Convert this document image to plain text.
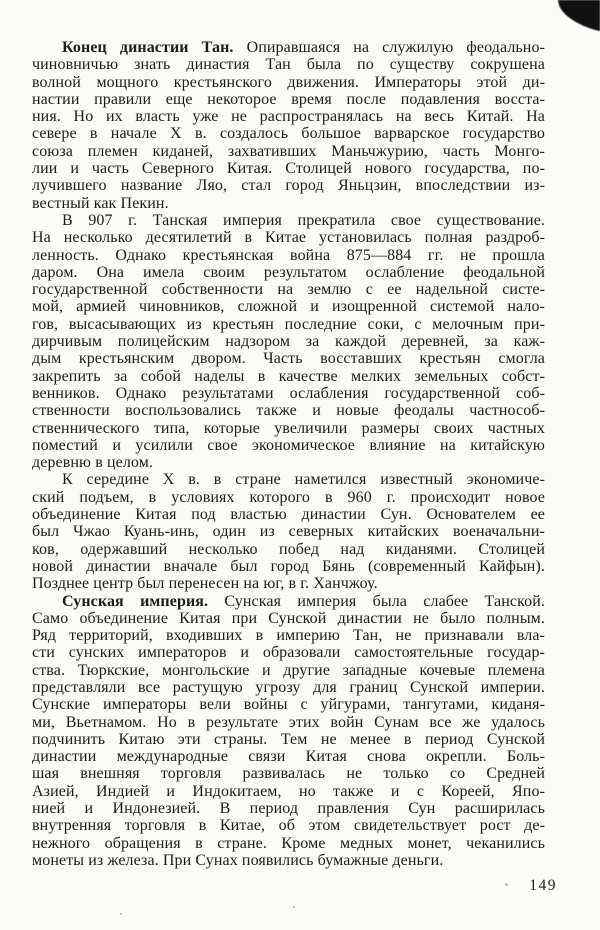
Конец династии Тан. Опиравшаяся на служилую феодально-
чиновничью знать династия Тан была по существу сокрушена
волной мощного крестьянского движения. Императоры этой ди-
настии правили еще некоторое время после подавления восста-
ния. Но их власть уже не распространялась на весь Китай. На
севере в начале X в. создалось большое варварское государство
союза племен киданей, захвативших Маньчжурию, часть Монго-
лии и часть Северного Китая. Столицей нового государства, по-
лучившего название Ляо, стал город Яньцзин, впоследствии из-
вестный как Пекин.
В 907 г. Танская империя прекратила свое существование.
На несколько десятилетий в Китае установилась полная раздроб-
ленность. Однако крестьянская война 875—884 гг. не прошла
даром. Она имела своим результатом ослабление феодальной
государственной собственности на землю с ее надельной систе-
мой, армией чиновников, сложной и изощренной системой нало-
гов, высасывающих из крестьян последние соки, с мелочным при-
дирчивым полицейским надзором за каждой деревней, за каж-
дым крестьянским двором. Часть восставших крестьян смогла
закрепить за собой наделы в качестве мелких земельных собст-
венников. Однако результатами ослабления государственной соб-
ственности воспользовались также и новые феодалы частнособ-
ственнического типа, которые увеличили размеры своих частных
поместий и усилили свое экономическое влияние на китайскую
деревню в целом.
К середине X в. в стране наметился известный экономиче-
ский подъем, в условиях которого в 960 г. происходит новое
объединение Китая под властью династии Сун. Основателем ее
был Чжао Куань-инь, один из северных китайских военачальни-
ков, одержавший несколько побед над киданями. Столицей
новой династии вначале был город Бянь (современный Кайфын).
Позднее центр был перенесен на юг, в г. Ханчжоу.
Сунская империя. Сунская империя была слабее Танской.
Само объединение Китая при Сунской династии не было полным.
Ряд территорий, входивших в империю Тан, не признавали вла-
сти сунских императоров и образовали самостоятельные государ-
ства. Тюркские, монгольские и другие западные кочевые племена
представляли все растущую угрозу для границ Сунской империи.
Сунские императоры вели войны с уйгурами, тангутами, киданя-
ми, Вьетнамом. Но в результате этих войн Сунам все же удалось
подчинить Китаю эти страны. Тем не менее в период Сунской
династии международные связи Китая снова окрепли. Боль-
шая внешняя торговля развивалась не только со Средней
Азией, Индией и Индокитаем, но также и с Кореей, Япо-
нией и Индонезией. В период правления Сун расширилась
внутренняя торговля в Китае, об этом свидетельствует рост де-
нежного обращения в стране. Кроме медных монет, чеканились
монеты из железа. При Сунах появились бумажные деньги.
149
